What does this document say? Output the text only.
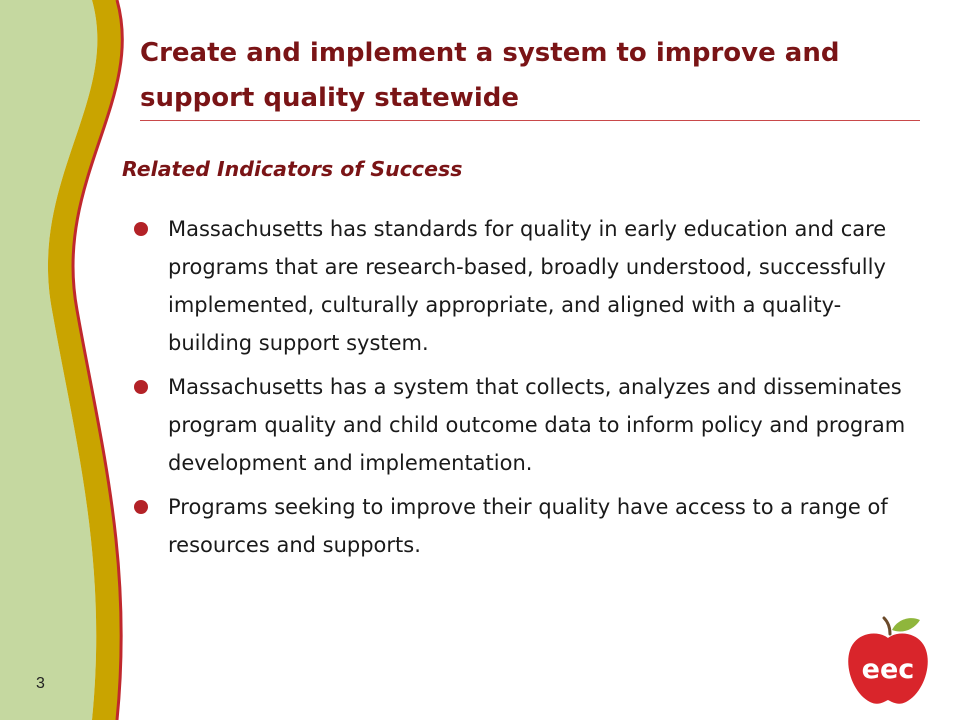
Create and implement a system to improve and support quality statewide
Related Indicators of Success
Massachusetts has standards for quality in early education and care programs that are research-based, broadly understood, successfully implemented, culturally appropriate, and aligned with a quality-building support system.
Massachusetts has a system that collects, analyzes and disseminates program quality and child outcome data to inform policy and program development and implementation.
Programs seeking to improve their quality have access to a range of resources and supports.
3	eec
